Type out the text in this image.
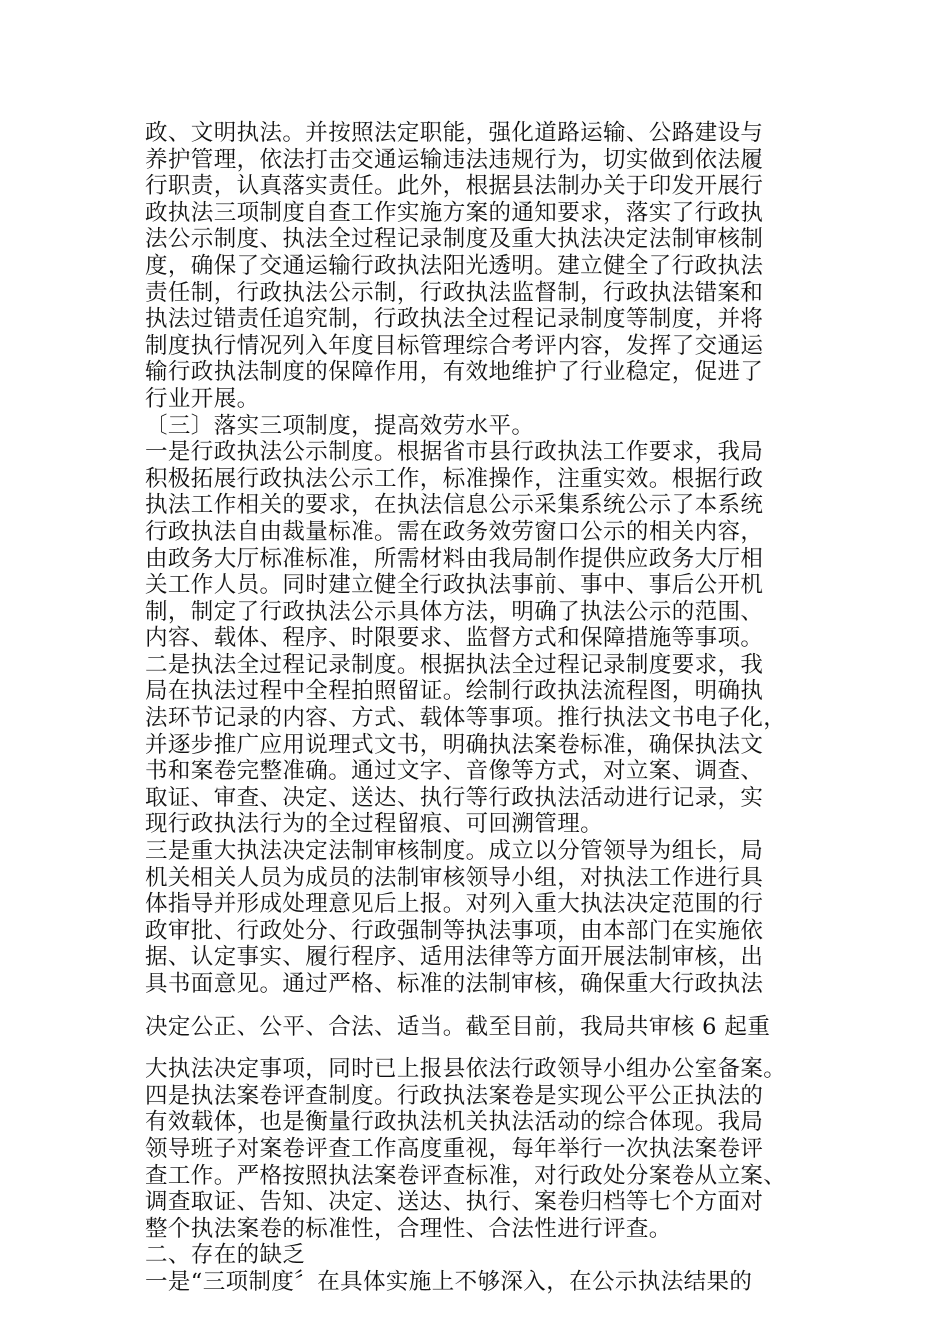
政、文明执法。并按照法定职能，强化道路运输、公路建设与
养护管理，依法打击交通运输违法违规行为，切实做到依法履
行职责，认真落实责任。此外，根据县法制办关于印发开展行
政执法三项制度自查工作实施方案的通知要求，落实了行政执
法公示制度、执法全过程记录制度及重大执法决定法制审核制
度，确保了交通运输行政执法阳光透明。建立健全了行政执法
责任制，行政执法公示制，行政执法监督制，行政执法错案和
执法过错责任追究制，行政执法全过程记录制度等制度，并将
制度执行情况列入年度目标管理综合考评内容，发挥了交通运
输行政执法制度的保障作用，有效地维护了行业稳定，促进了
行业开展。
〔三〕落实三项制度，提高效劳水平。
一是行政执法公示制度。根据省市县行政执法工作要求，我局
积极拓展行政执法公示工作，标准操作，注重实效。根据行政
执法工作相关的要求，在执法信息公示采集系统公示了本系统
行政执法自由裁量标准。需在政务效劳窗口公示的相关内容，
由政务大厅标准标准，所需材料由我局制作提供应政务大厅相
关工作人员。同时建立健全行政执法事前、事中、事后公开机
制，制定了行政执法公示具体方法，明确了执法公示的范围、
内容、载体、程序、时限要求、监督方式和保障措施等事项。
二是执法全过程记录制度。根据执法全过程记录制度要求，我
局在执法过程中全程拍照留证。绘制行政执法流程图，明确执
法环节记录的内容、方式、载体等事项。推行执法文书电子化，
并逐步推广应用说理式文书，明确执法案卷标准，确保执法文
书和案卷完整准确。通过文字、音像等方式，对立案、调查、
取证、审查、决定、送达、执行等行政执法活动进行记录，实
现行政执法行为的全过程留痕、可回溯管理。
三是重大执法决定法制审核制度。成立以分管领导为组长，局
机关相关人员为成员的法制审核领导小组，对执法工作进行具
体指导并形成处理意见后上报。对列入重大执法决定范围的行
政审批、行政处分、行政强制等执法事项，由本部门在实施依
据、认定事实、履行程序、适用法律等方面开展法制审核，出
具书面意见。通过严格、标准的法制审核，确保重大行政执法
决定公正、公平、合法、适当。截至目前，我局共审核 6 起重
大执法决定事项，同时已上报县依法行政领导小组办公室备案。
四是执法案卷评查制度。行政执法案卷是实现公平公正执法的
有效载体，也是衡量行政执法机关执法活动的综合体现。我局
领导班子对案卷评查工作高度重视，每年举行一次执法案卷评
查工作。严格按照执法案卷评查标准，对行政处分案卷从立案、
调查取证、告知、决定、送达、执行、案卷归档等七个方面对
整个执法案卷的标准性，合理性、合法性进行评查。
二、存在的缺乏
一是“三项制度〞在具体实施上不够深入，在公示执法结果的
